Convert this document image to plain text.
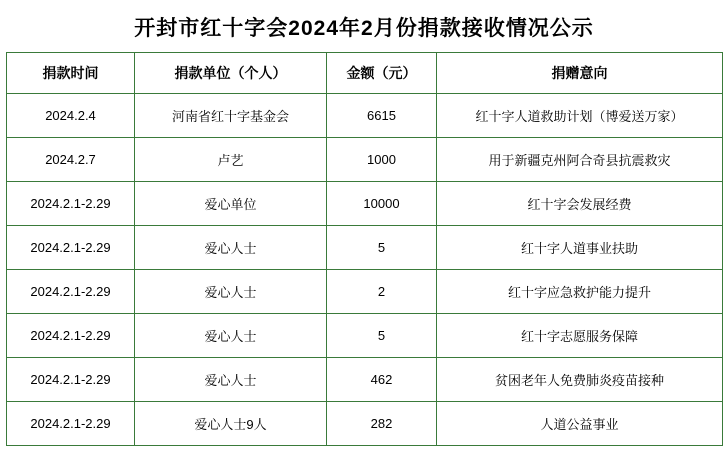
开封市红十字会2024年2月份捐款接收情况公示
捐款时间	捐款单位（个人）	金额（元）	捐赠意向
2024.2.4	河南省红十字基金会	6615	红十字人道救助计划（博爱送万家）
2024.2.7	卢艺	1000	用于新疆克州阿合奇县抗震救灾
2024.2.1-2.29	爱心单位	10000	红十字会发展经费
2024.2.1-2.29	爱心人士	5	红十字人道事业扶助
2024.2.1-2.29	爱心人士	2	红十字应急救护能力提升
2024.2.1-2.29	爱心人士	5	红十字志愿服务保障
2024.2.1-2.29	爱心人士	462	贫困老年人免费肺炎疫苗接种
2024.2.1-2.29	爱心人士9人	282	人道公益事业
